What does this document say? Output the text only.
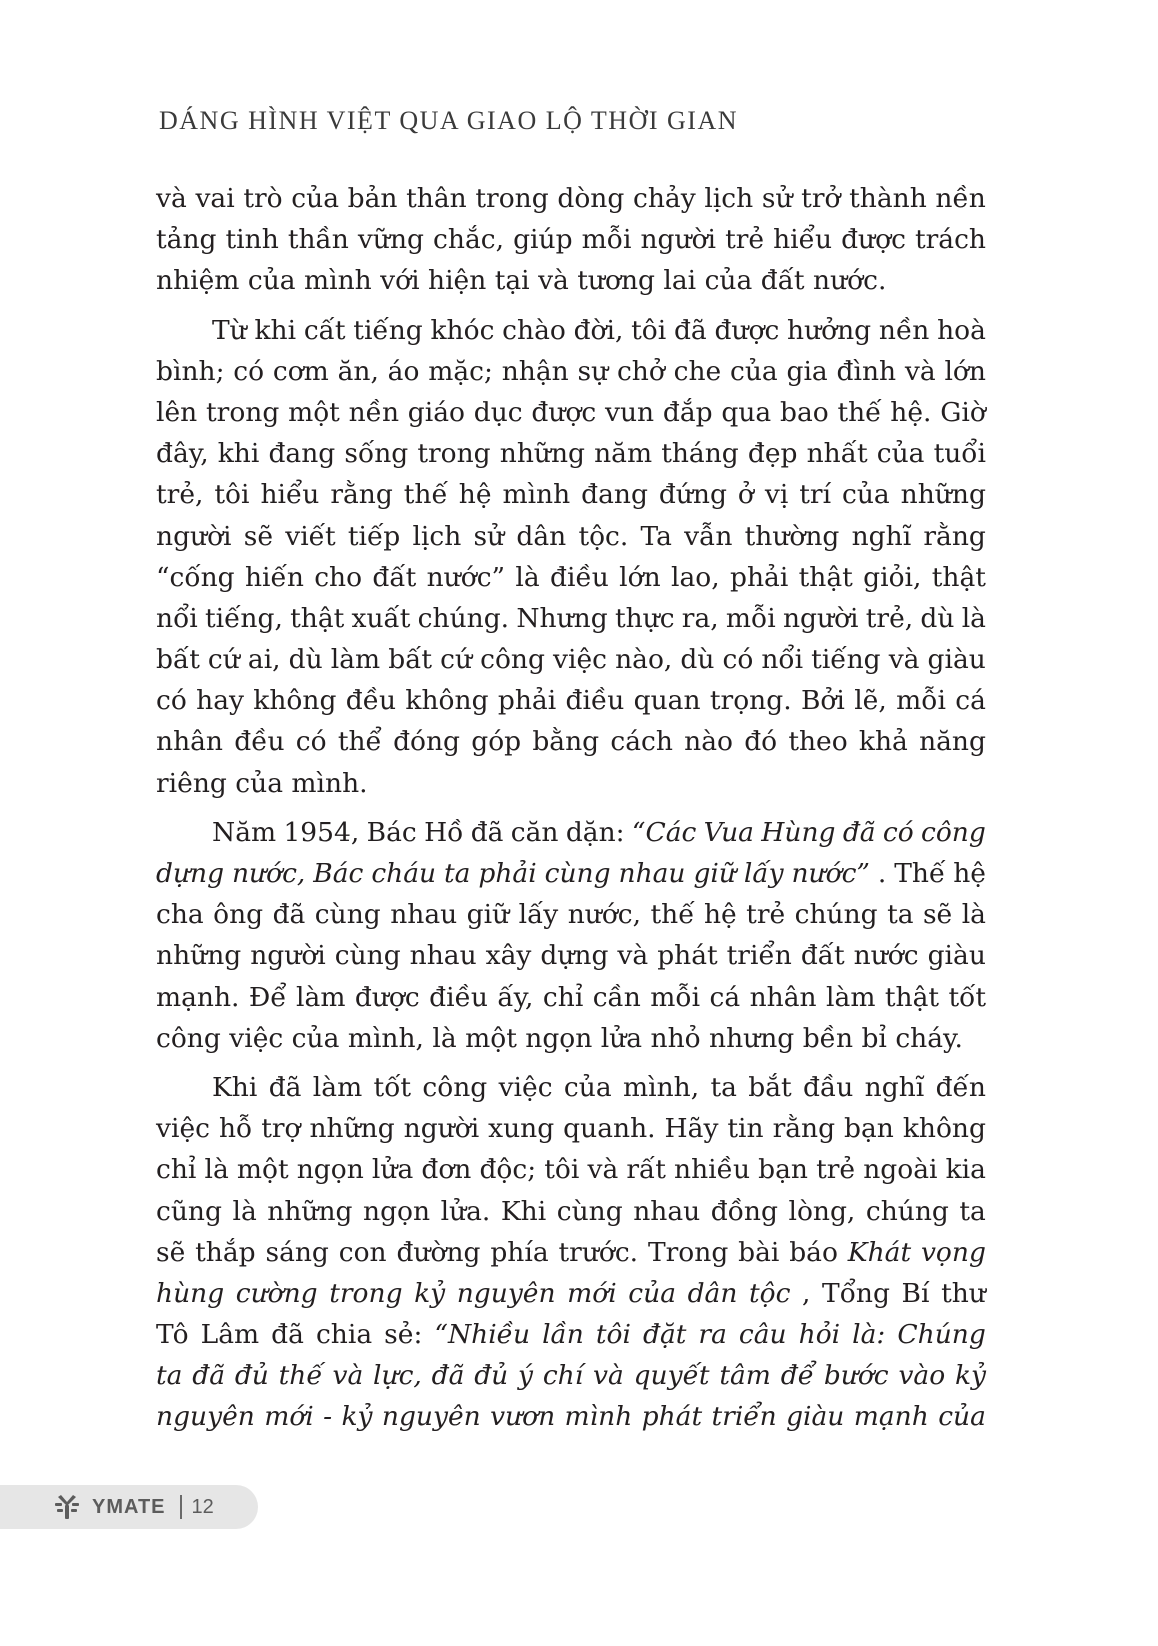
DÁNG HÌNH VIỆT QUA GIAO LỘ THỜI GIAN
và vai trò của bản thân trong dòng chảy lịch sử trở thành nền
tảng tinh thần vững chắc, giúp mỗi người trẻ hiểu được trách
nhiệm của mình với hiện tại và tương lai của đất nước.
Từ khi cất tiếng khóc chào đời, tôi đã được hưởng nền hoà
bình; có cơm ăn, áo mặc; nhận sự chở che của gia đình và lớn
lên trong một nền giáo dục được vun đắp qua bao thế hệ. Giờ
đây, khi đang sống trong những năm tháng đẹp nhất của tuổi
trẻ, tôi hiểu rằng thế hệ mình đang đứng ở vị trí của những
người sẽ viết tiếp lịch sử dân tộc. Ta vẫn thường nghĩ rằng
“cống hiến cho đất nước” là điều lớn lao, phải thật giỏi, thật
nổi tiếng, thật xuất chúng. Nhưng thực ra, mỗi người trẻ, dù là
bất cứ ai, dù làm bất cứ công việc nào, dù có nổi tiếng và giàu
có hay không đều không phải điều quan trọng. Bởi lẽ, mỗi cá
nhân đều có thể đóng góp bằng cách nào đó theo khả năng
riêng của mình.
Năm 1954, Bác Hồ đã căn dặn: “Các Vua Hùng đã có công
dựng nước, Bác cháu ta phải cùng nhau giữ lấy nước” . Thế hệ
cha ông đã cùng nhau giữ lấy nước, thế hệ trẻ chúng ta sẽ là
những người cùng nhau xây dựng và phát triển đất nước giàu
mạnh. Để làm được điều ấy, chỉ cần mỗi cá nhân làm thật tốt
công việc của mình, là một ngọn lửa nhỏ nhưng bền bỉ cháy.
Khi đã làm tốt công việc của mình, ta bắt đầu nghĩ đến
việc hỗ trợ những người xung quanh. Hãy tin rằng bạn không
chỉ là một ngọn lửa đơn độc; tôi và rất nhiều bạn trẻ ngoài kia
cũng là những ngọn lửa. Khi cùng nhau đồng lòng, chúng ta
sẽ thắp sáng con đường phía trước. Trong bài báo Khát vọng
hùng cường trong kỷ nguyên mới của dân tộc , Tổng Bí thư
Tô Lâm đã chia sẻ: “Nhiều lần tôi đặt ra câu hỏi là: Chúng
ta đã đủ thế và lực, đã đủ ý chí và quyết tâm để bước vào kỷ
nguyên mới - kỷ nguyên vươn mình phát triển giàu mạnh của
YMATE 12
